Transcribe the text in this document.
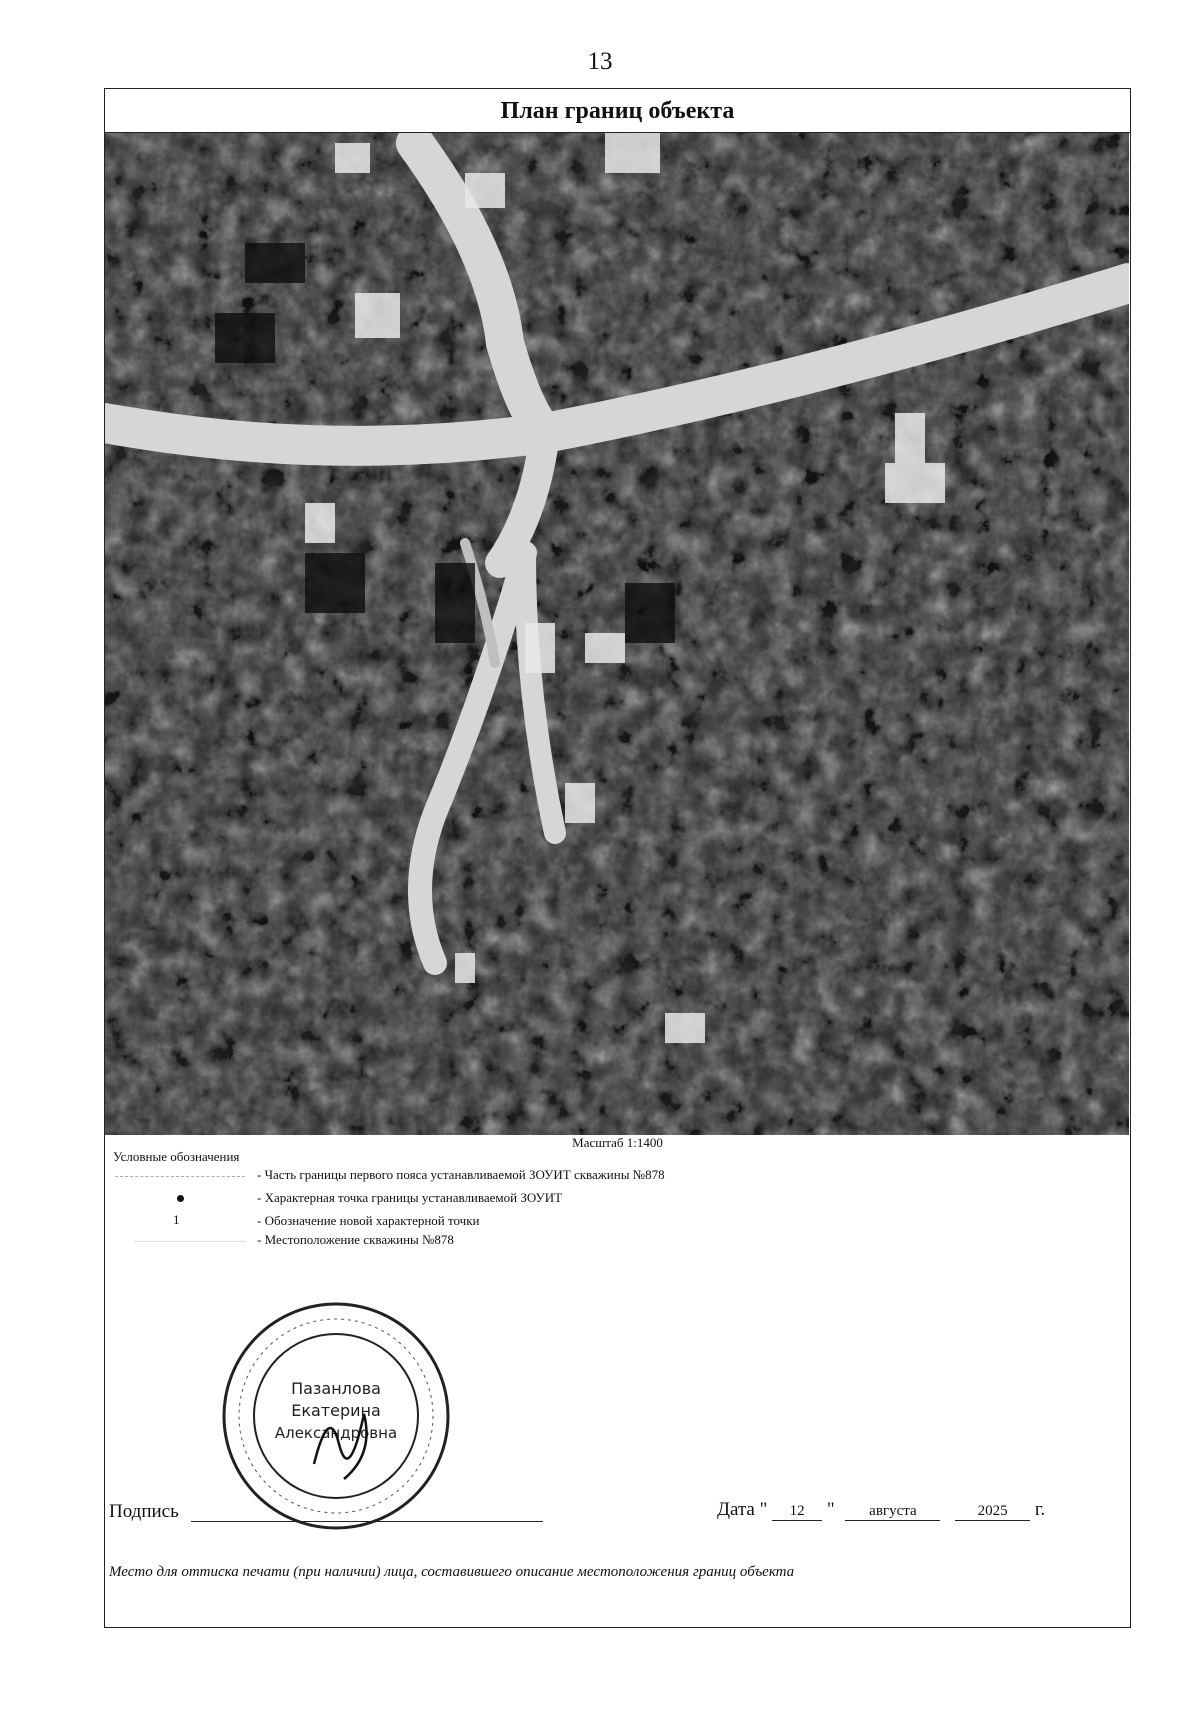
13
План границ объекта
Масштаб 1:1400
Условные обозначения
- Часть границы первого пояса устанавливаемой ЗОУИТ скважины №878
- Характерная точка границы устанавливаемой ЗОУИТ
1	- Обозначение новой характерной точки
- Местоположение скважины №878
Подпись
Пазанлова
Екатерина
Александровна
Дата " 12 " августа	2025 г.
Место для оттиска печати (при наличии) лица, составившего описание местоположения границ объекта
